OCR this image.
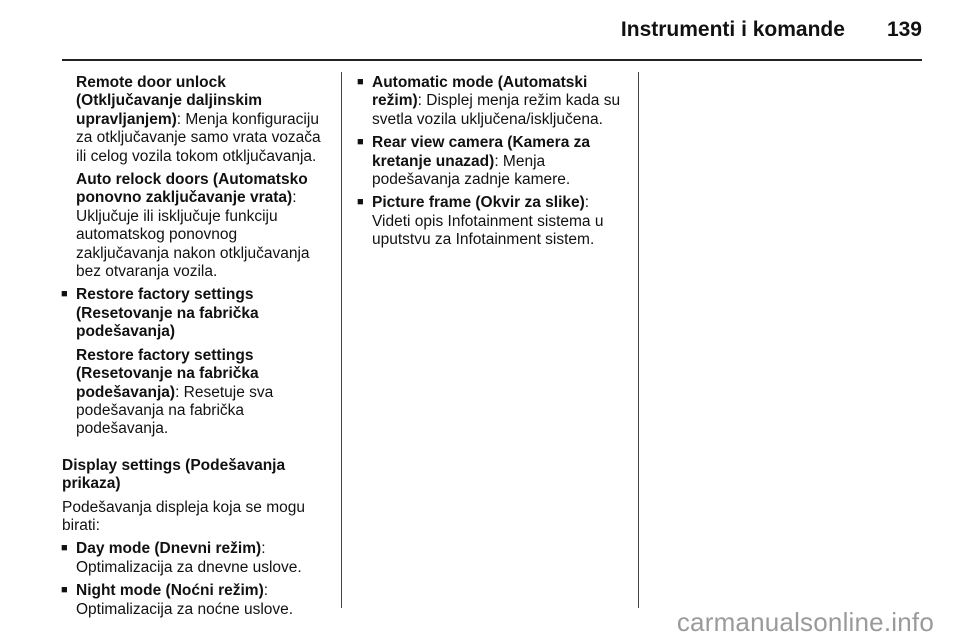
Instrumenti i komande 139

Remote door unlock (Otključavanje daljinskim upravljanjem): Menja konfiguraciju za otključavanje samo vrata vozača ili celog vozila tokom otključavanja.

Auto relock doors (Automatsko ponovno zaključavanje vrata): Uključuje ili isključuje funkciju automatskog ponovnog zaključavanja nakon otključavanja bez otvaranja vozila.

■ Restore factory settings (Resetovanje na fabrička podešavanja)

Restore factory settings (Resetovanje na fabrička podešavanja): Resetuje sva podešavanja na fabrička podešavanja.

Display settings (Podešavanja prikaza)

Podešavanja displeja koja se mogu birati:

■ Day mode (Dnevni režim): Optimalizacija za dnevne uslove.

■ Night mode (Noćni režim): Optimalizacija za noćne uslove.

■ Automatic mode (Automatski režim): Displej menja režim kada su svetla vozila uključena/isključena.

■ Rear view camera (Kamera za kretanje unazad): Menja podešavanja zadnje kamere.

■ Picture frame (Okvir za slike): Videti opis Infotainment sistema u uputstvu za Infotainment sistem.

carmanualsonline.info
